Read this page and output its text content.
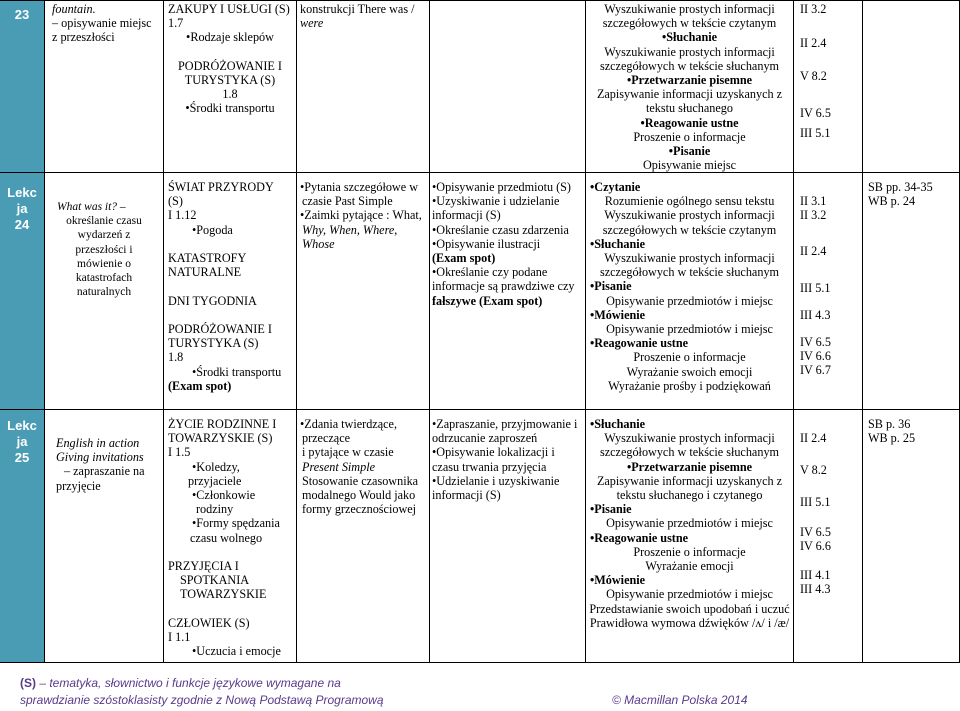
23	fountain.
– opisywanie miejsc
z przeszłości
ZAKUPY I USŁUGI (S)
1.7
• Rodzaje sklepów

PODRÓŻOWANIE I
TURYSTYKA (S)
1.8
• Środki transportu
konstrukcji There was /
were
Wyszukiwanie prostych informacji
szczegółowych w tekście czytanym
• Słuchanie
Wyszukiwanie prostych informacji
szczegółowych w tekście słuchanym
• Przetwarzanie pisemne
Zapisywanie informacji uzyskanych z
tekstu słuchanego
• Reagowanie ustne
Proszenie o informacje
• Pisanie
Opisywanie miejsc
II 3.2

II 2.4

V 8.2

IV 6.5
III 5.1
Lekc
ja
24
What was it? –
określanie czasu
wydarzeń z
przeszłości i
mówienie o
katastrofach
naturalnych
ŚWIAT PRZYRODY
(S)
I 1.12
• Pogoda

KATASTROFY
NATURALNE

DNI TYGODNIA

PODRÓŻOWANIE I
TURYSTYKA (S)
1.8
• Środki transportu
(Exam spot)
• Pytania szczegółowe w
czasie Past Simple
• Zaimki pytające : What,
Why, When, Where,
Whose
• Opisywanie przedmiotu (S)
• Uzyskiwanie i udzielanie
informacji (S)
• Określanie czasu zdarzenia
• Opisywanie ilustracji
(Exam spot)
• Określanie czy podane
informacje są prawdziwe czy
fałszywe (Exam spot)
• Czytanie
Rozumienie ogólnego sensu tekstu
Wyszukiwanie prostych informacji
szczegółowych w tekście czytanym
• Słuchanie
Wyszukiwanie prostych informacji
szczegółowych w tekście słuchanym
• Pisanie
Opisywanie przedmiotów i miejsc
• Mówienie
Opisywanie przedmiotów i miejsc
• Reagowanie ustne
Proszenie o informacje
Wyrażanie swoich emocji
Wyrażanie prośby i podziękowań
II 3.1
II 3.2
II 2.4
III 5.1
III 4.3
IV 6.5
IV 6.6
IV 6.7
SB pp. 34-35
WB p. 24
Lekc
ja
25
English in action
Giving invitations
– zapraszanie na
przyjęcie
ŻYCIE RODZINNE I
TOWARZYSKIE (S)
I 1.5
• Koledzy,
przyjaciele
• Członkowie
rodziny
• Formy spędzania
czasu wolnego

PRZYJĘCIA I
SPOTKANIA
TOWARZYSKIE

CZŁOWIEK (S)
I 1.1
• Uczucia i emocje
• Zdania twierdzące,
przeczące
i pytające w czasie
Present Simple
Stosowanie czasownika
modalnego Would jako
formy grzecznościowej
• Zapraszanie, przyjmowanie i
odrzucanie zaproszeń
• Opisywanie lokalizacji i
czasu trwania przyjęcia
• Udzielanie i uzyskiwanie
informacji (S)
• Słuchanie
Wyszukiwanie prostych informacji
szczegółowych w tekście słuchanym
• Przetwarzanie pisemne
Zapisywanie informacji uzyskanych z
tekstu słuchanego i czytanego
• Pisanie
Opisywanie przedmiotów i miejsc
• Reagowanie ustne
Proszenie o informacje
Wyrażanie emocji
• Mówienie
Opisywanie przedmiotów i miejsc
Przedstawianie swoich upodobań i uczuć
Prawidłowa wymowa dźwięków /ʌ/ i /æ/
II 2.4
V 8.2
III 5.1
IV 6.5
IV 6.6
III 4.1
III 4.3
SB p. 36
WB p. 25
(S) – tematyka, słownictwo i funkcje językowe wymagane na
sprawdzianie szóstoklasisty zgodnie z Nową Podstawą Programową	© Macmillan Polska 2014
